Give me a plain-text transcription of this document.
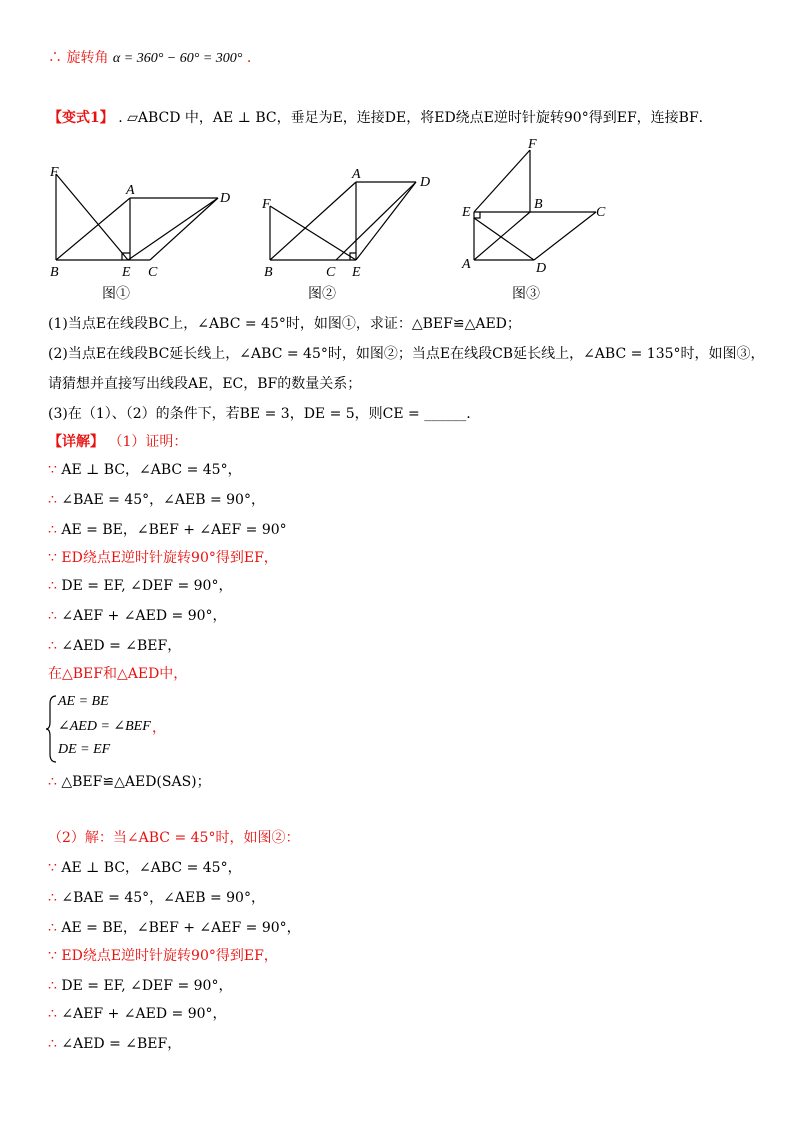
∴ 旋转角 α = 360° − 60° = 300° .
【变式1】 . ▱ABCD 中，AE ⊥ BC，垂足为E，连接DE，将ED绕点E逆时针旋转90°得到EF，连接BF．
F
A
D
B	E C
F
A
D
B	C E
F
E
B
C
A	D
图①	图②	图③
(1)当点E在线段BC上，∠ABC = 45°时，如图①，求证：△BEF≌△AED；
(2)当点E在线段BC延长线上，∠ABC = 45°时，如图②；当点E在线段CB延长线上，∠ABC = 135°时，如图③，
请猜想并直接写出线段AE，EC，BF的数量关系；
(3)在（1）、（2）的条件下，若BE = 3，DE = 5，则CE = ______.
【详解】 （1）证明：
∵ AE ⊥ BC，∠ABC = 45°，
∴ ∠BAE = 45°，∠AEB = 90°，
∴ AE = BE，∠BEF + ∠AEF = 90°
∵ ED绕点E逆时针旋转90°得到EF，
∴ DE = EF, ∠DEF = 90°，
∴ ∠AEF + ∠AED = 90°，
∴ ∠AED = ∠BEF，
在△BEF和△AED中，
AE = BE
∠AED = ∠BEF
DE = EF
，
∴ △BEF≌△AED(SAS)；
（2）解：当∠ABC = 45°时，如图②：
∵ AE ⊥ BC，∠ABC = 45°，
∴ ∠BAE = 45°，∠AEB = 90°，
∴ AE = BE，∠BEF + ∠AEF = 90°，
∵ ED绕点E逆时针旋转90°得到EF，
∴ DE = EF, ∠DEF = 90°，
∴ ∠AEF + ∠AED = 90°，
∴ ∠AED = ∠BEF，
